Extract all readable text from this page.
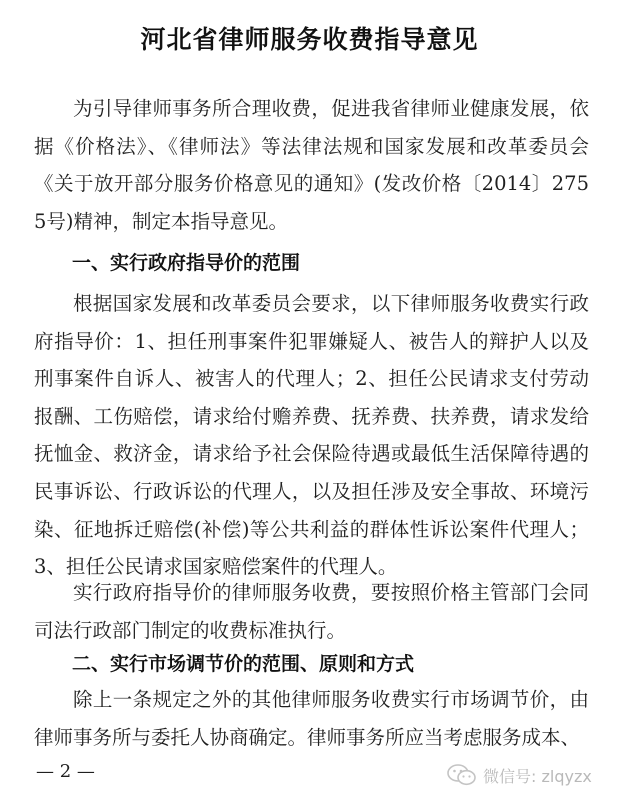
河北省律师服务收费指导意见

为引导律师事务所合理收费，促进我省律师业健康发展，依据《价格法》、《律师法》等法律法规和国家发展和改革委员会《关于放开部分服务价格意见的通知》(发改价格〔2014〕2755号)精神，制定本指导意见。

一、实行政府指导价的范围

根据国家发展和改革委员会要求，以下律师服务收费实行政府指导价：1、担任刑事案件犯罪嫌疑人、被告人的辩护人以及刑事案件自诉人、被害人的代理人；2、担任公民请求支付劳动报酬、工伤赔偿，请求给付赡养费、抚养费、扶养费，请求发给抚恤金、救济金，请求给予社会保险待遇或最低生活保障待遇的民事诉讼、行政诉讼的代理人，以及担任涉及安全事故、环境污染、征地拆迁赔偿(补偿)等公共利益的群体性诉讼案件代理人；3、担任公民请求国家赔偿案件的代理人。

实行政府指导价的律师服务收费，要按照价格主管部门会同司法行政部门制定的收费标准执行。

二、实行市场调节价的范围、原则和方式

除上一条规定之外的其他律师服务收费实行市场调节价，由律师事务所与委托人协商确定。律师事务所应当考虑服务成本、

— 2 —	微信号: zlqyzx
